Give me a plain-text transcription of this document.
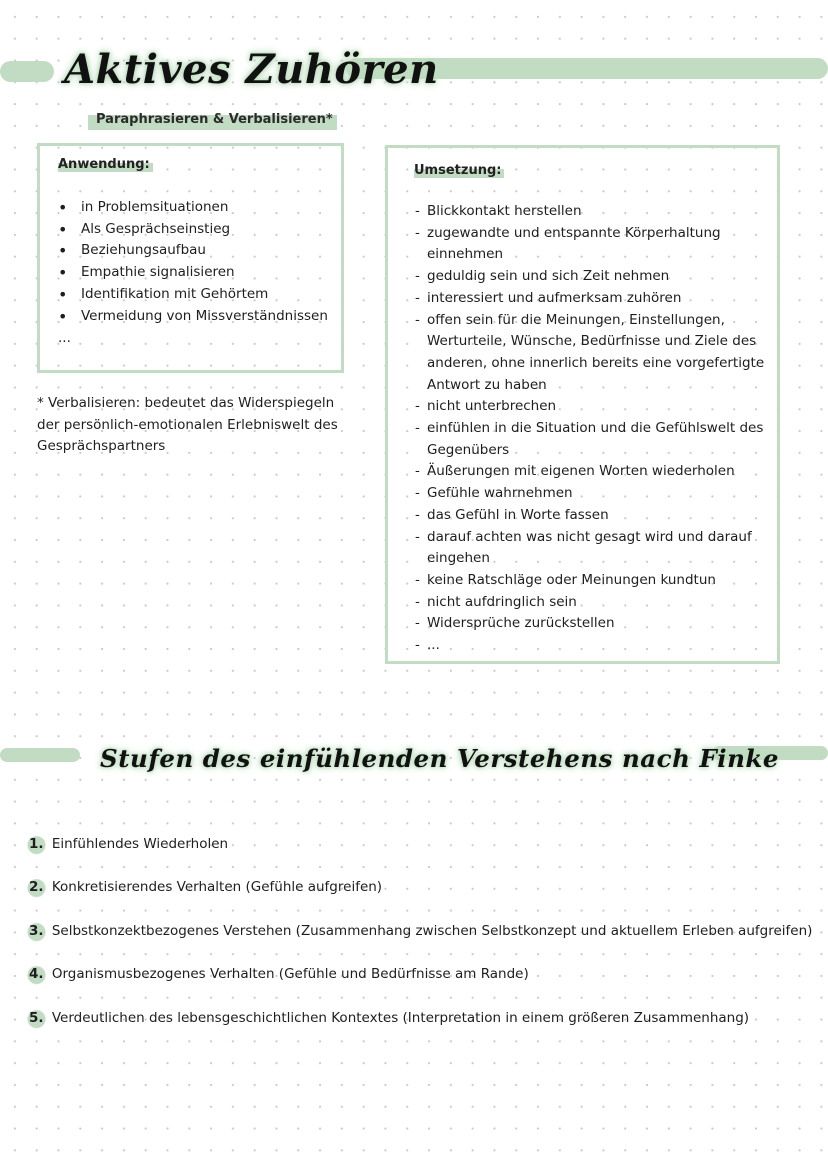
Aktives Zuhören
Paraphrasieren & Verbalisieren*
Anwendung:
• in Problemsituationen
• Als Gesprächseinstieg
• Beziehungsaufbau
• Empathie signalisieren
• Identifikation mit Gehörtem
• Vermeidung von Missverständnissen
...
* Verbalisieren: bedeutet das Widerspiegeln der persönlich-emotionalen Erlebniswelt des Gesprächspartners
Umsetzung:
- Blickkontakt herstellen
- zugewandte und entspannte Körperhaltung einnehmen
- geduldig sein und sich Zeit nehmen
- interessiert und aufmerksam zuhören
- offen sein für die Meinungen, Einstellungen, Werturteile, Wünsche, Bedürfnisse und Ziele des anderen, ohne innerlich bereits eine vorgefertigte Antwort zu haben
- nicht unterbrechen
- einfühlen in die Situation und die Gefühlswelt des Gegenübers
- Äußerungen mit eigenen Worten wiederholen
- Gefühle wahrnehmen
- das Gefühl in Worte fassen
- darauf achten was nicht gesagt wird und darauf eingehen
- keine Ratschläge oder Meinungen kundtun
- nicht aufdringlich sein
- Widersprüche zurückstellen
- ...
Stufen des einfühlenden Verstehens nach Finke
1. Einfühlendes Wiederholen
2. Konkretisierendes Verhalten (Gefühle aufgreifen)
3. Selbstkonzektbezogenes Verstehen (Zusammenhang zwischen Selbstkonzept und aktuellem Erleben aufgreifen)
4. Organismusbezogenes Verhalten (Gefühle und Bedürfnisse am Rande)
5. Verdeutlichen des lebensgeschichtlichen Kontextes (Interpretation in einem größeren Zusammenhang)
